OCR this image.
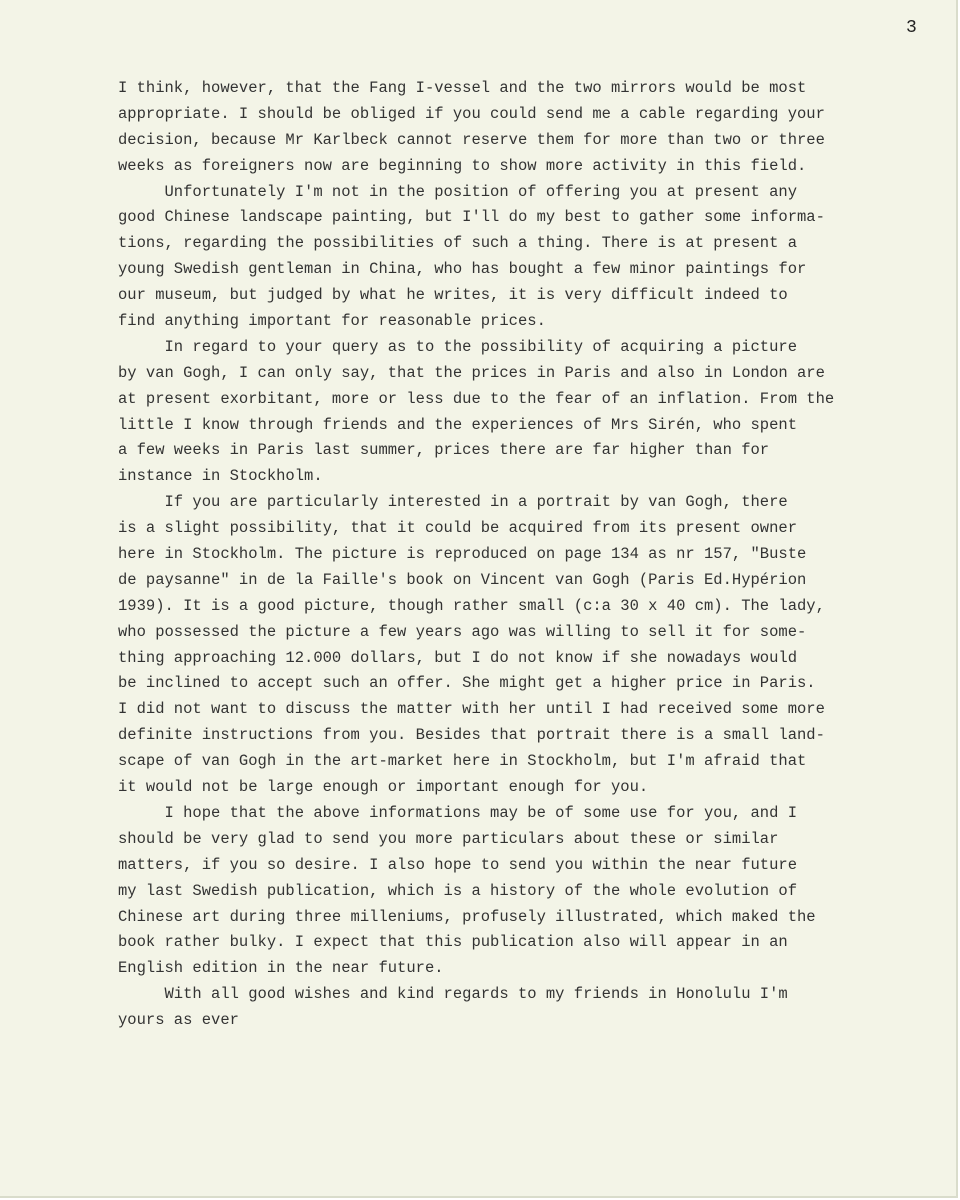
3
I think, however, that the Fang I-vessel and the two mirrors would be most
appropriate. I should be obliged if you could send me a cable regarding your
decision, because Mr Karlbeck cannot reserve them for more than two or three
weeks as foreigners now are beginning to show more activity in this field.
Unfortunately I'm not in the position of offering you at present any
good Chinese landscape painting, but I'll do my best to gather some informa-
tions, regarding the possibilities of such a thing. There is at present a
young Swedish gentleman in China, who has bought a few minor paintings for
our museum, but judged by what he writes, it is very difficult indeed to
find anything important for reasonable prices.
In regard to your query as to the possibility of acquiring a picture
by van Gogh, I can only say, that the prices in Paris and also in London are
at present exorbitant, more or less due to the fear of an inflation. From the
little I know through friends and the experiences of Mrs Sirén, who spent
a few weeks in Paris last summer, prices there are far higher than for
instance in Stockholm.
If you are particularly interested in a portrait by van Gogh, there
is a slight possibility, that it could be acquired from its present owner
here in Stockholm. The picture is reproduced on page 134 as nr 157, "Buste
de paysanne" in de la Faille's book on Vincent van Gogh (Paris Ed.Hypérion
1939). It is a good picture, though rather small (c:a 30 x 40 cm). The lady,
who possessed the picture a few years ago was willing to sell it for some-
thing approaching 12.000 dollars, but I do not know if she nowadays would
be inclined to accept such an offer. She might get a higher price in Paris.
I did not want to discuss the matter with her until I had received some more
definite instructions from you. Besides that portrait there is a small land-
scape of van Gogh in the art-market here in Stockholm, but I'm afraid that
it would not be large enough or important enough for you.
I hope that the above informations may be of some use for you, and I
should be very glad to send you more particulars about these or similar
matters, if you so desire. I also hope to send you within the near future
my last Swedish publication, which is a history of the whole evolution of
Chinese art during three milleniums, profusely illustrated, which maked the
book rather bulky. I expect that this publication also will appear in an
English edition in the near future.
With all good wishes and kind regards to my friends in Honolulu I'm
yours as ever
